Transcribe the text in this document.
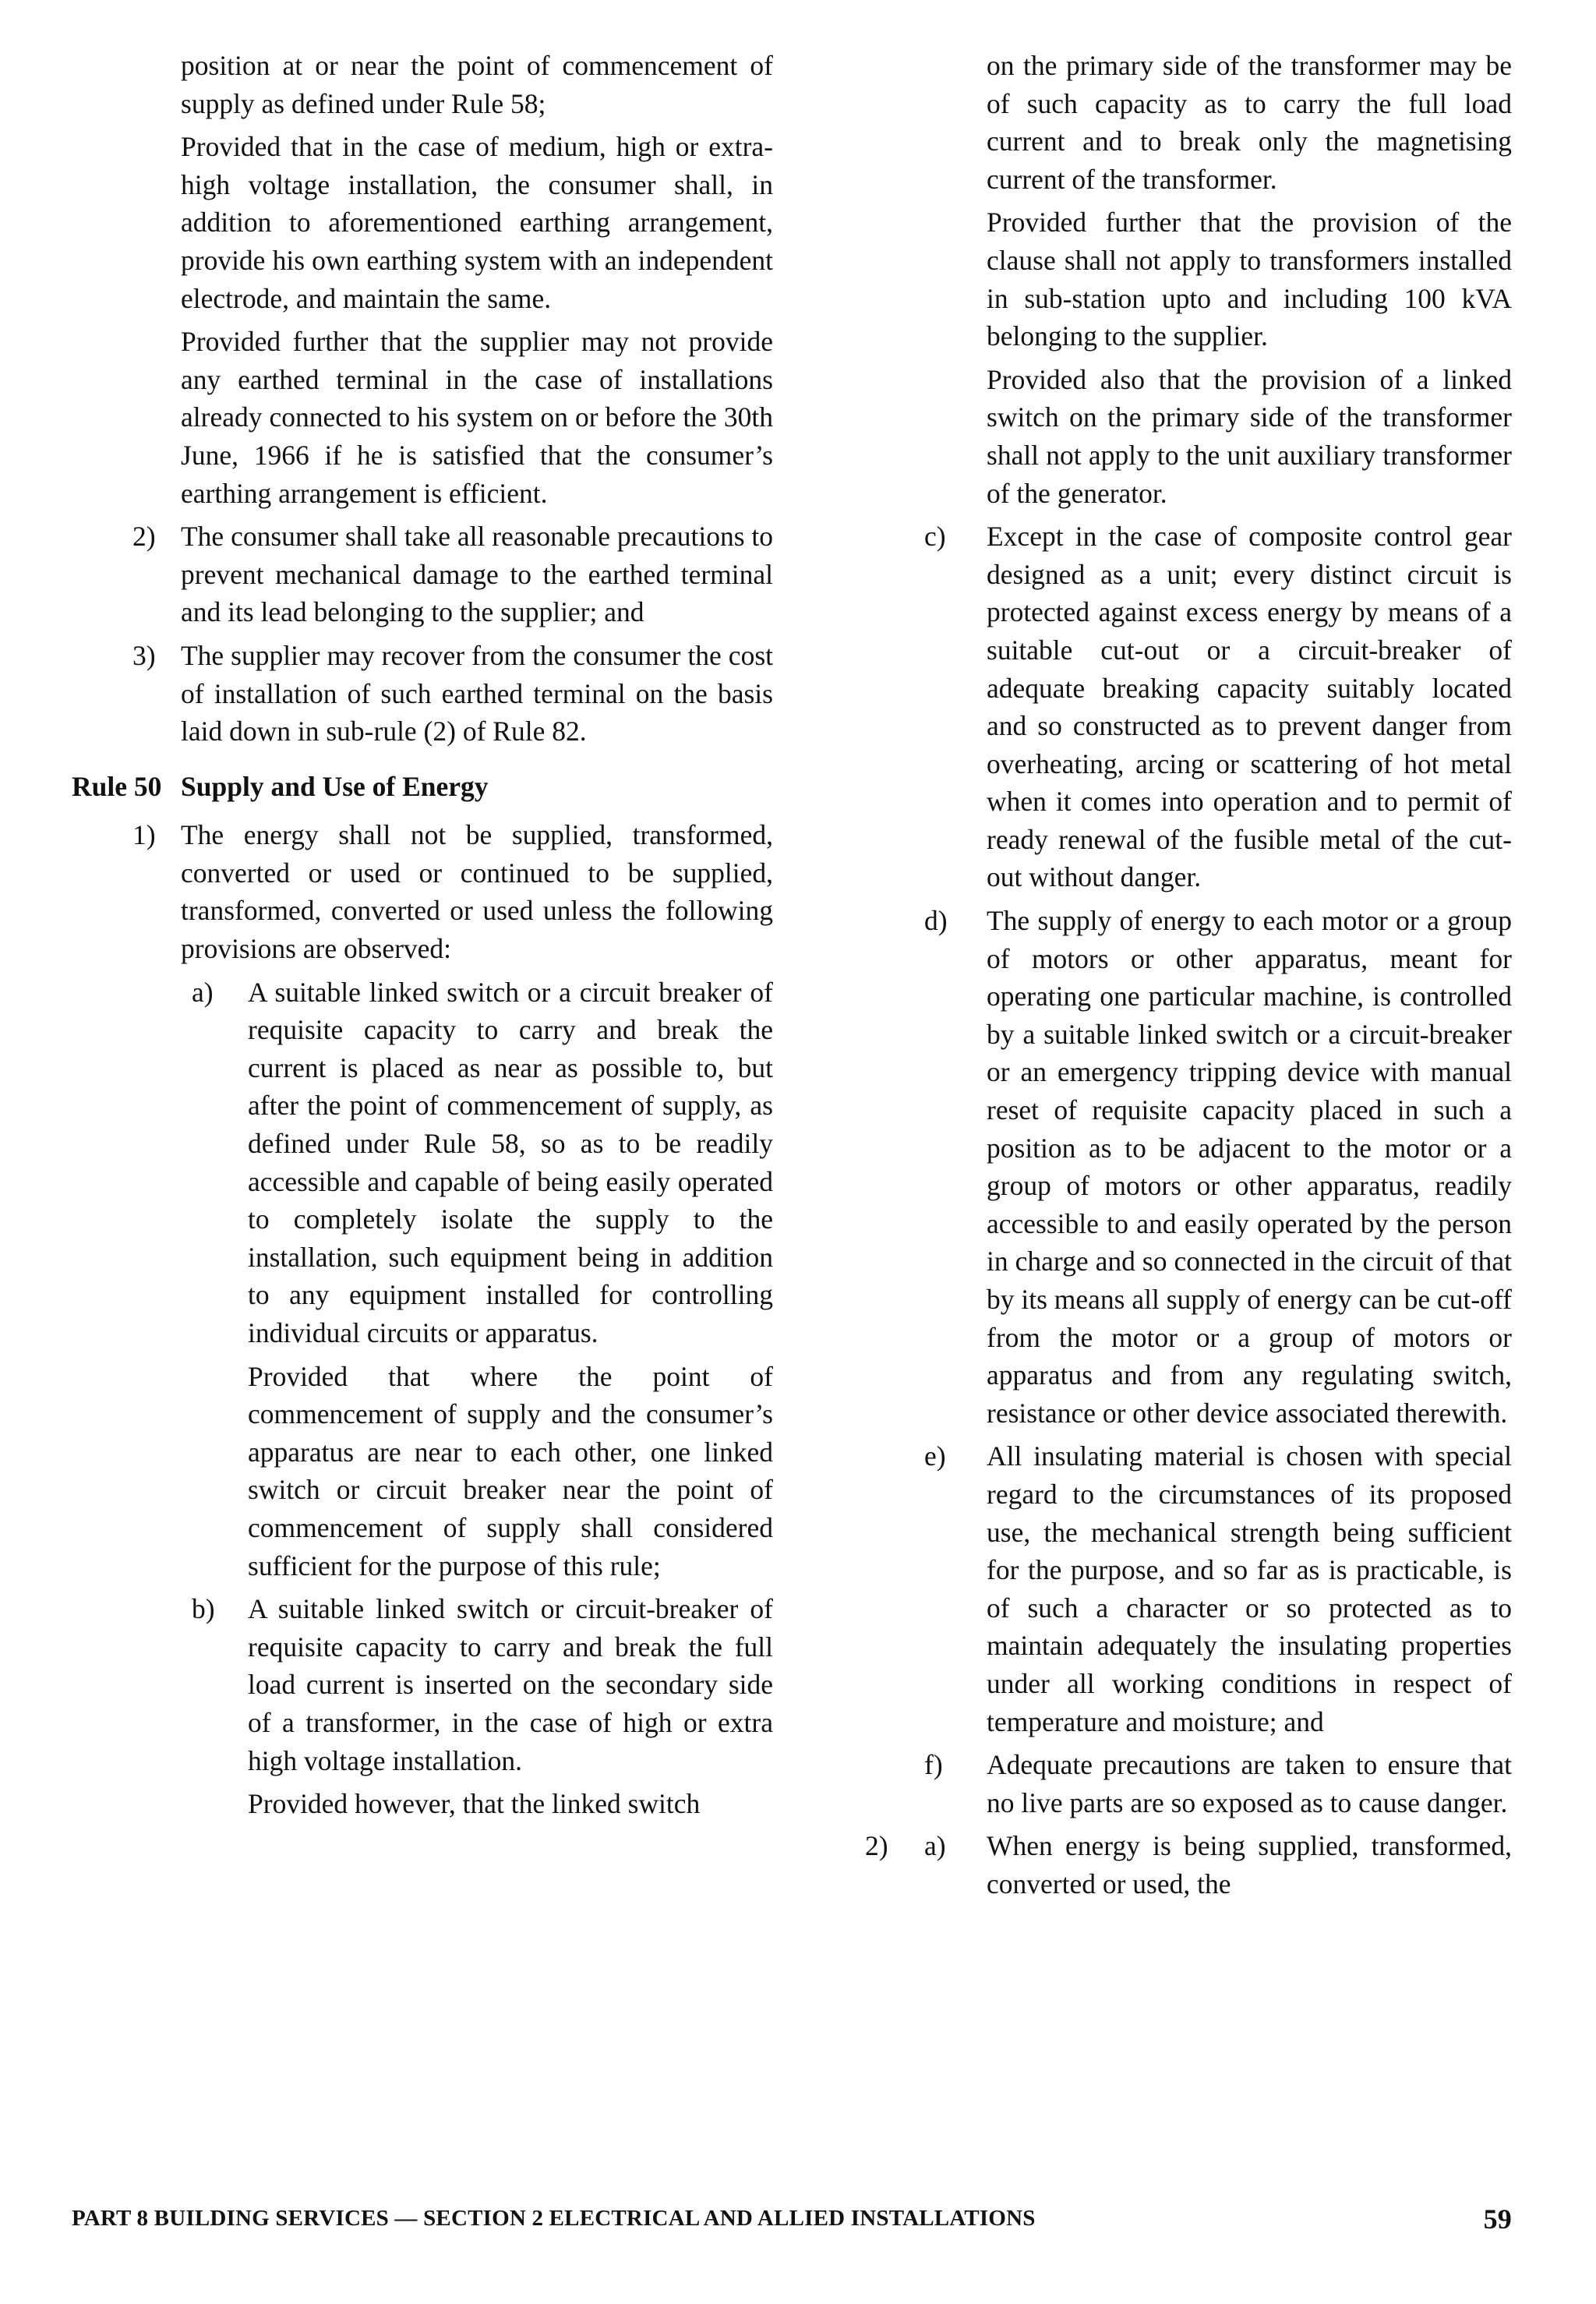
position at or near the point of commencement of supply as defined under Rule 58;

Provided that in the case of medium, high or extra-high voltage installation, the consumer shall, in addition to aforementioned earthing arrangement, provide his own earthing system with an independent electrode, and maintain the same.

Provided further that the supplier may not provide any earthed terminal in the case of installations already connected to his system on or before the 30th June, 1966 if he is satisfied that the consumer’s earthing arrangement is efficient.

2) The consumer shall take all reasonable precautions to prevent mechanical damage to the earthed terminal and its lead belonging to the supplier; and
3) The supplier may recover from the consumer the cost of installation of such earthed terminal on the basis laid down in sub-rule (2) of Rule 82.
Rule 50 Supply and Use of Energy
1) The energy shall not be supplied, transformed, converted or used or continued to be supplied, transformed, converted or used unless the following provisions are observed:
a) A suitable linked switch or a circuit breaker of requisite capacity to carry and break the current is placed as near as possible to, but after the point of commencement of supply, as defined under Rule 58, so as to be readily accessible and capable of being easily operated to completely isolate the supply to the installation, such equipment being in addition to any equipment installed for controlling individual circuits or apparatus.

Provided that where the point of commencement of supply and the consumer’s apparatus are near to each other, one linked switch or circuit breaker near the point of commencement of supply shall considered sufficient for the purpose of this rule;

b) A suitable linked switch or circuit-breaker of requisite capacity to carry and break the full load current is inserted on the secondary side of a transformer, in the case of high or extra high voltage installation.

Provided however, that the linked switch

on the primary side of the transformer may be of such capacity as to carry the full load current and to break only the magnetising current of the transformer.

Provided further that the provision of the clause shall not apply to transformers installed in sub-station upto and including 100 kVA belonging to the supplier.

Provided also that the provision of a linked switch on the primary side of the transformer shall not apply to the unit auxiliary transformer of the generator.

c) Except in the case of composite control gear designed as a unit; every distinct circuit is protected against excess energy by means of a suitable cut-out or a circuit-breaker of adequate breaking capacity suitably located and so constructed as to prevent danger from overheating, arcing or scattering of hot metal when it comes into operation and to permit of ready renewal of the fusible metal of the cut-out without danger.
d) The supply of energy to each motor or a group of motors or other apparatus, meant for operating one particular machine, is controlled by a suitable linked switch or a circuit-breaker or an emergency tripping device with manual reset of requisite capacity placed in such a position as to be adjacent to the motor or a group of motors or other apparatus, readily accessible to and easily operated by the person in charge and so connected in the circuit of that by its means all supply of energy can be cut-off from the motor or a group of motors or apparatus and from any regulating switch, resistance or other device associated therewith.
e) All insulating material is chosen with special regard to the circumstances of its proposed use, the mechanical strength being sufficient for the purpose, and so far as is practicable, is of such a character or so protected as to maintain adequately the insulating properties under all working conditions in respect of temperature and moisture; and
f) Adequate precautions are taken to ensure that no live parts are so exposed as to cause danger.
2) a) When energy is being supplied, transformed, converted or used, the
PART 8 BUILDING SERVICES — SECTION 2 ELECTRICAL AND ALLIED INSTALLATIONS	59
